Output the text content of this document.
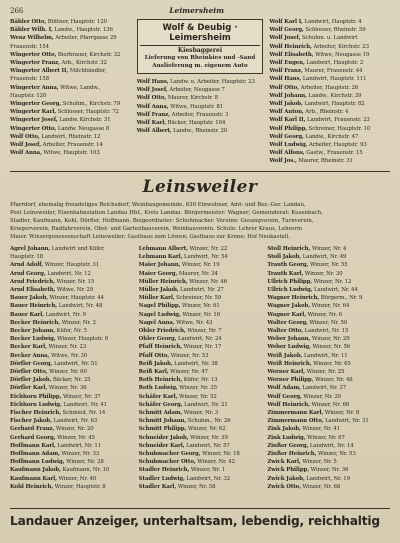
266	Leimersheim
Bähler Otto, Büttner, Hauptstr. 120
Bähler Wilh. I, Landw., Hauptstr. 136
Wenz Wilhelm, Arbeiter, Pfarrgasse 29
Frauenstr. 154
Wingerter Otto, Bierbrauer, Kirchstr. 32
Wingerter Franz, Arb., Kirchstr. 32
Wingerter Albert II, Milchhändler,
Frauenstr. 158
Wingerter Anna, Witwe, Landw.,
Hauptstr. 120
Wingerter Georg, Schuhm., Kirchstr. 79
Wingerter Karl, Schlosser, Hauptstr. 72
Wingerter Josef, Landw. Kirchstr. 31
Wingerter Otto, Landw. Neugasse 8
Wolf Otto, Landwirt, Rheinstr. 12
Wolf Josef, Arbeiter, Frauenstr. 14
Wolf Anna, Witwe, Hauptstr. 103
Wolf & Deubig · Leimersheim
Kiesbaggerei
Lieferung von Rheinkies und -Sand
Auslieferung m. eigenem Auto
Wolf Hans, Landw. u. Arbeiter, Hauptstr. 23
Wolf Josef, Arbeiter, Neugasse 7
Wolf Otto, Maurer, Kirchstr. 8
Wolf Anna, Witwe, Hauptstr. 81
Wolf Franz, Arbeiter, Frauenstr. 3
Wolf Karl, Bäcker, Hauptstr. 104
Wolf Albert, Landw., Rheinstr. 20
Wolf Karl I, Landwirt, Hauptstr. 4
Wolf Georg, Schlosser, Rheinstr. 59
Wolf Josef, Schuhm. u. Landwirt
Wolf Heinrich, Arbeiter, Kirchstr. 23
Wolf Elisabeth, Witwe, Neugasse 19
Wolf Eugen, Landwirt, Hauptstr. 2
Wolf Franz, Maurer, Frauenstr. 44
Wolf Hans, Landwirt, Hauptstr. 111
Wolf Otto, Arbeiter, Hauptstr. 26
Wolf Johann, Landw., Kirchstr. 39
Wolf Jakob, Landwirt, Hauptstr. 82
Wolf Anton, Arb., Rheinstr. 4
Wolf Karl II, Landwirt, Frauenstr. 23
Wolf Philipp, Schreiner, Hauptstr. 10
Wolf Georg, Landw., Kirchstr. 47
Wolf Ludwig, Arbeiter, Hauptstr. 93
Wolf Alfons, Gastw., Frauenstr. 15
Wolf Jos., Maurer, Rheinstr. 31
Leinsweiler
Pfarrdorf, ehemalig freiadeliges Reichsdorf, Weinbaugemeinde, 630 Einwohner, Amt- und Bez.-Ger. Landau,
Post Leinsweiler, Eisenbahnstation Landau Hbf., Kreis Landau. Bürgermeister: Wagner; Gemeinderat: Kusenbach,
Stadler, Kaufmann, Kohl, Dörfler, Hoffmann. Beigeordneter: Schuhmacher. Vereine: Gesangverein, Turnverein,
Kriegerverein, Radfahrverein, Obst- und Gartenbauverein, Weinbauverein. Schule: Lehrer Kraus, Lehrerin
Maier. Winzergenossenschaft Leinsweiler; Gasthaus zum Löwen; Gasthaus zur Krone; Hof Neukastell.
Agrel Johann, Landwirt und Küfer,
Hauptstr. 18
Arnd Adolf, Winzer, Hauptstr. 31
Arnd Georg, Landwirt, Nr. 12
Arnd Friedrich, Winzer, Nr. 15
Arnd Elisabeth, Witwe, Nr. 29
Bauer Jakob, Winzer, Hauptstr. 44
Bauer Heinrich, Landwirt, Nr. 48
Bauer Karl, Landwirt, Nr. 9
Becker Heinrich, Winzer, Nr. 2
Becker Johann, Küfer, Nr. 5
Becker Ludwig, Winzer, Hauptstr. 6
Becker Karl, Winzer, Nr. 23
Becker Anna, Witwe, Nr. 30
Dörfler Georg, Landwirt, Nr. 51
Dörfler Otto, Winzer, Nr. 60
Dörfler Jakob, Bäcker, Nr. 25
Dörfler Karl, Winzer, Nr. 36
Eichhorn Philipp, Winzer, Nr. 37
Eichhorn Ludwig, Landwirt, Nr. 41
Fischer Heinrich, Schmied, Nr. 14
Fischer Jakob, Landwirt, Nr. 63
Gerhard Franz, Winzer, Nr. 20
Gerhard Georg, Winzer, Nr. 45
Hoffmann Karl, Landwirt, Nr. 11
Hoffmann Adam, Winzer, Nr. 33
Hoffmann Ludwig, Winzer, Nr. 28
Kaufmann Jakob, Kaufmann, Nr. 10
Kaufmann Karl, Winzer, Nr. 40
Kohl Heinrich, Winzer, Hauptstr. 8
Lehmann Albert, Winzer, Nr. 22
Lehmann Karl, Landwirt, Nr. 54
Maier Johann, Winzer, Nr. 19
Maier Georg, Maurer, Nr. 34
Müller Heinrich, Winzer, Nr. 46
Müller Jakob, Landwirt, Nr. 27
Müller Karl, Schreiner, Nr. 59
Nagel Philipp, Winzer, Nr. 61
Nagel Ludwig, Winzer, Nr. 16
Nagel Anna, Witwe, Nr. 43
Ohler Friedrich, Winzer, Nr. 7
Ohler Georg, Landwirt, Nr. 24
Pfaff Heinrich, Winzer, Nr. 17
Pfaff Otto, Winzer, Nr. 53
Reiß Jakob, Landwirt, Nr. 38
Reiß Karl, Winzer, Nr. 47
Roth Heinrich, Küfer, Nr. 13
Roth Ludwig, Winzer, Nr. 35
Schäfer Karl, Winzer, Nr. 52
Schäfer Georg, Landwirt, Nr. 21
Schmitt Adam, Winzer, Nr. 3
Schmitt Johann, Schuhm., Nr. 26
Schmitt Philipp, Winzer, Nr. 62
Schneider Jakob, Winzer, Nr. 39
Schneider Karl, Landwirt, Nr. 57
Schuhmacher Georg, Winzer, Nr. 18
Schuhmacher Otto, Winzer, Nr. 42
Stadler Heinrich, Winzer, Nr. 1
Stadler Ludwig, Landwirt, Nr. 32
Stadler Karl, Winzer, Nr. 58
Stoll Heinrich, Winzer, Nr. 4
Stoll Jakob, Landwirt, Nr. 49
Trauth Georg, Winzer, Nr. 55
Trauth Karl, Winzer, Nr. 30
Ullrich Philipp, Winzer, Nr. 12
Ullrich Ludwig, Landwirt, Nr. 44
Wagner Heinrich, Bürgerm., Nr. 9
Wagner Jakob, Winzer, Nr. 64
Wagner Karl, Winzer, Nr. 6
Walter Georg, Winzer, Nr. 50
Walter Otto, Landwirt, Nr. 15
Weber Johann, Winzer, Nr. 29
Weber Ludwig, Winzer, Nr. 56
Weiß Jakob, Landwirt, Nr. 11
Weiß Heinrich, Winzer, Nr. 65
Werner Karl, Winzer, Nr. 25
Werner Philipp, Winzer, Nr. 48
Wolf Adam, Landwirt, Nr. 37
Wolf Georg, Winzer, Nr. 20
Wolf Heinrich, Winzer, Nr. 66
Zimmermann Karl, Winzer, Nr. 8
Zimmermann Otto, Landwirt, Nr. 31
Zink Jakob, Winzer, Nr. 41
Zink Ludwig, Winzer, Nr. 67
Zinßer Georg, Landwirt, Nr. 14
Zinßer Heinrich, Winzer, Nr. 53
Zwick Karl, Winzer, Nr. 5
Zwick Philipp, Winzer, Nr. 36
Zwick Jakob, Landwirt, Nr. 19
Zwick Otto, Winzer, Nr. 68
Landauer Anzeiger, unterhaltsam, lebendig, reichhaltig
